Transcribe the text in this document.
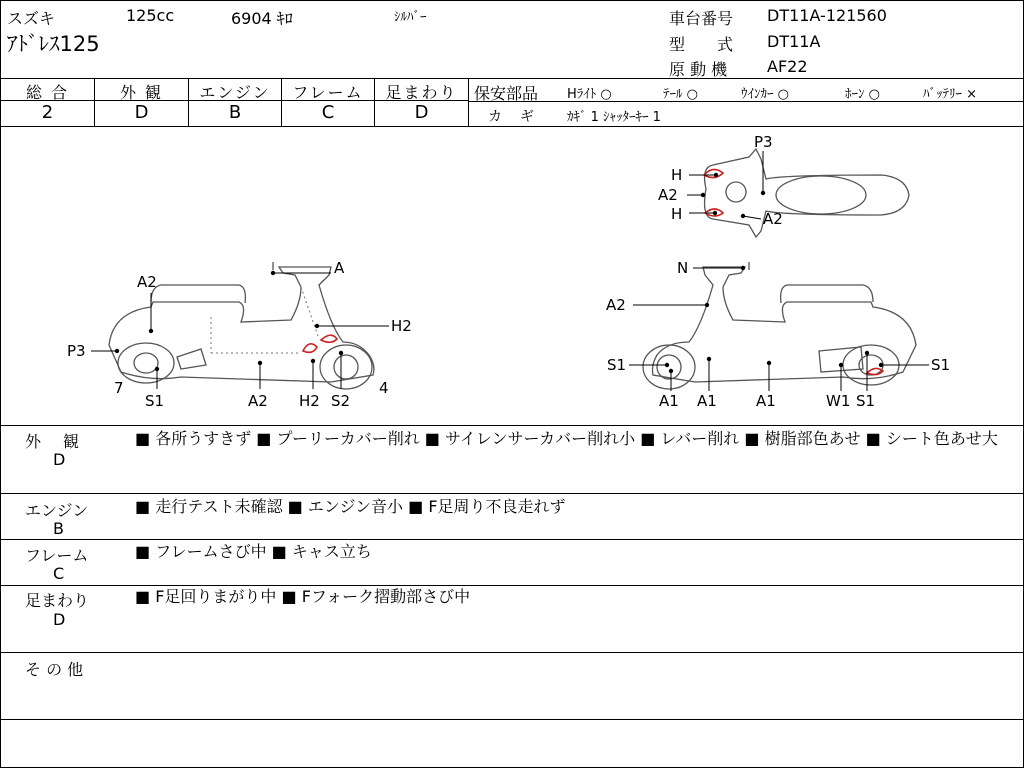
スズキ	125cc	6904 ｷﾛ	ｼﾙﾊﾞｰ
ｱﾄﾞﾚｽ125
車台番号 DT11A-121560
型　　式 DT11A
原 動 機 AF22
総 合	外 観	エンジン	フレーム	足まわり
2	D	B	C	D
保安部品 Hﾗｲﾄ ○	ﾃｰﾙ ○	ｳｲﾝｶｰ ○	ﾎｰﾝ ○	ﾊﾞｯﾃﾘｰ ×
カ　ギ ｶｷﾞ 1 ｼｬｯﾀｰｷｰ 1
A
A2
H2
P3
7
S1	A2 H2 S2
4
P3
H
A2
H	A2
N
A2
S1	S1
A1 A1	A1	W1 S1
外　観
D
■ 各所うすきず ■ プーリーカバー削れ ■ サイレンサーカバー削れ小 ■ レバー削れ ■ 樹脂部色あせ ■ シート色あせ大
エンジン
B
■ 走行テスト未確認 ■ エンジン音小 ■ F足周り不良走れず
フレーム
C
■ フレームさび中 ■ キャス立ち
足まわり
D
■ F足回りまがり中 ■ Fフォーク摺動部さび中
そ の 他
